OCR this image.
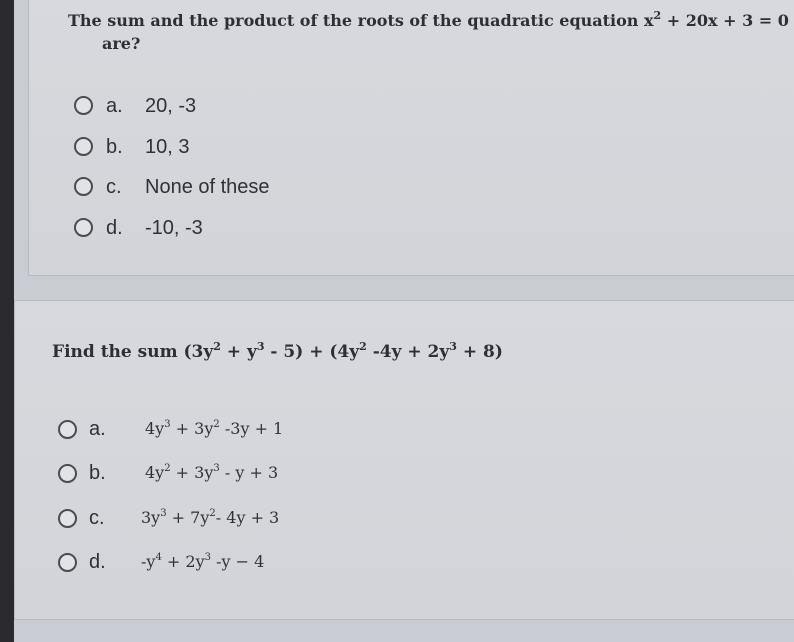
The sum and the product of the roots of the quadratic equation $x^2 + 20x + 3 = 0$
are?
a. 20, -3
b. 10, 3
c. None of these
d. -10, -3
Find the sum $(3y^2 + y^3 - 5) + (4y^2$ $-4y + 2y^3 + 8$)
a. $4y^3 + 3y^2$ -3y + 1
b. $4y^2 + 3y^3 - y + 3$
c. $3y^3 + 7y^2-$ 4y + 3
d. $-y^4 + 2y^3$ -y − 4
